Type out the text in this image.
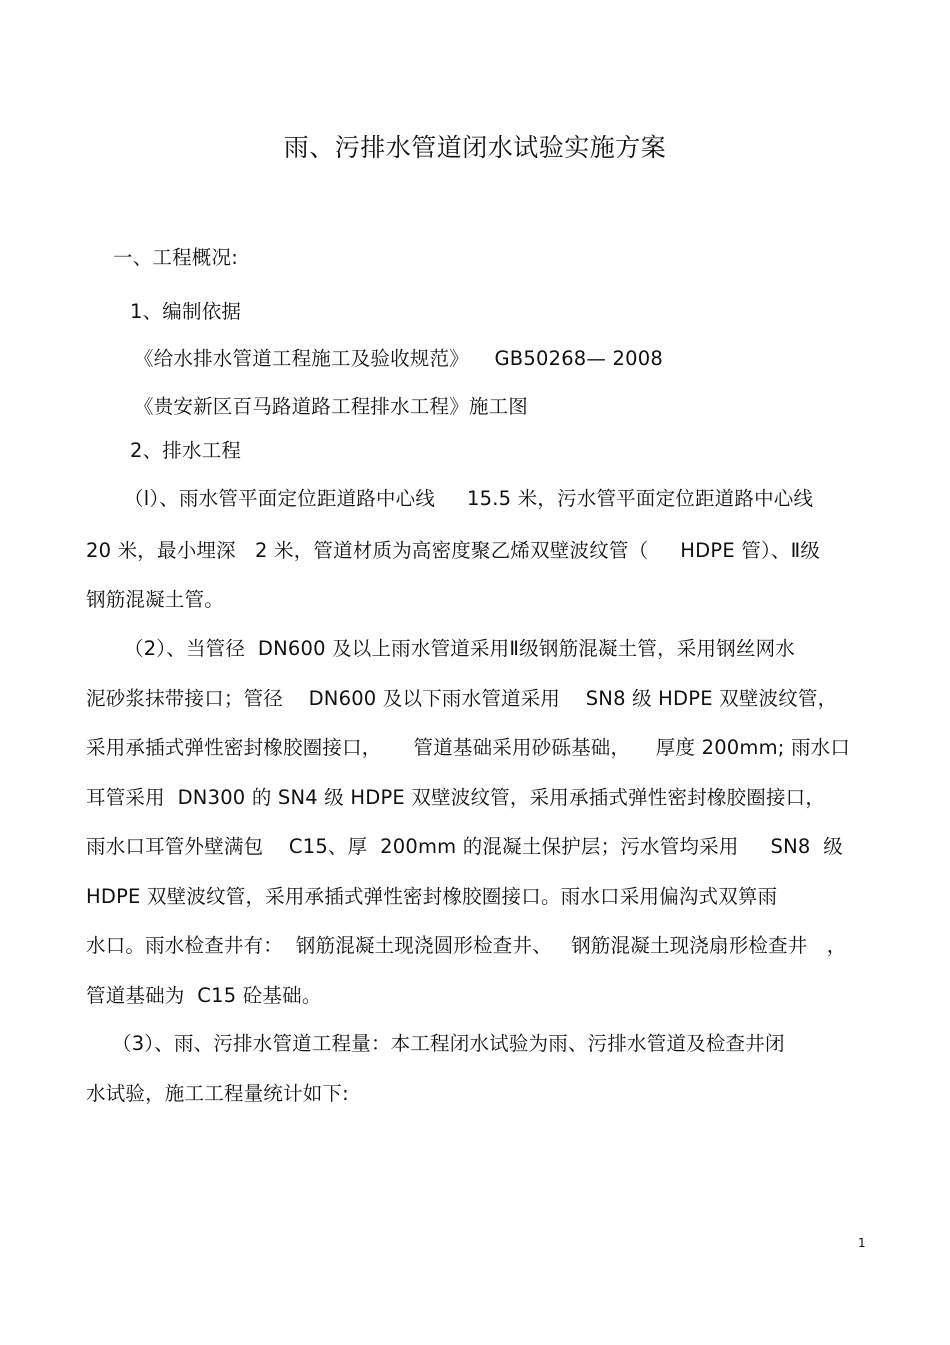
雨、污排水管道闭水试验实施方案
一、工程概况:
1、编制依据
《给水排水管道工程施工及验收规范》    GB50268— 2008
《贵安新区百马路道路工程排水工程》施工图
2、排水工程
（l）、雨水管平面定位距道路中心线     15.5 米，污水管平面定位距道路中心线
20 米，最小埋深   2 米，管道材质为高密度聚乙烯双壁波纹管（     HDPE 管）、Ⅱ级
钢筋混凝土管。
（2）、当管径  DN600 及以上雨水管道采用Ⅱ级钢筋混凝土管，采用钢丝网水
泥砂浆抹带接口；管径    DN600 及以下雨水管道采用    SN8 级 HDPE 双壁波纹管，
采用承插式弹性密封橡胶圈接口，     管道基础采用砂砾基础，    厚度 200mm; 雨水口
耳管采用  DN300 的 SN4 级 HDPE 双壁波纹管，采用承插式弹性密封橡胶圈接口，
雨水口耳管外壁满包    C15、厚  200mm 的混凝土保护层；污水管均采用     SN8  级
HDPE 双壁波纹管，采用承插式弹性密封橡胶圈接口。雨水口采用偏沟式双箅雨
水口。雨水检查井有：  钢筋混凝土现浇圆形检查井、   钢筋混凝土现浇扇形检查井   ，
管道基础为  C15 砼基础。
（3）、雨、污排水管道工程量：本工程闭水试验为雨、污排水管道及检查井闭
水试验，施工工程量统计如下:
1
